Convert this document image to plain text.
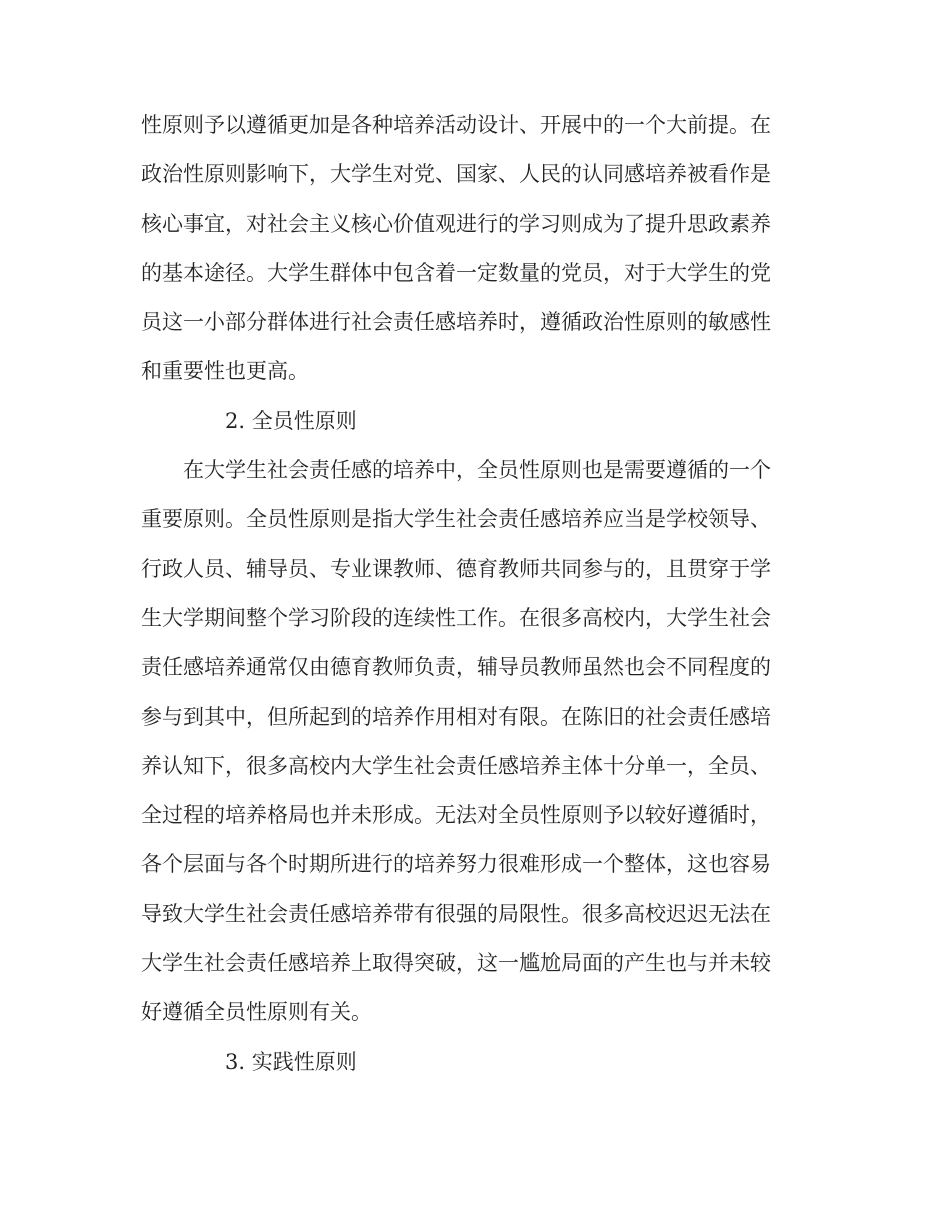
性原则予以遵循更加是各种培养活动设计、开展中的一个大前提。在
政治性原则影响下，大学生对党、国家、人民的认同感培养被看作是
核心事宜，对社会主义核心价值观进行的学习则成为了提升思政素养
的基本途径。大学生群体中包含着一定数量的党员，对于大学生的党
员这一小部分群体进行社会责任感培养时，遵循政治性原则的敏感性
和重要性也更高。
2. 全员性原则
在大学生社会责任感的培养中，全员性原则也是需要遵循的一个
重要原则。全员性原则是指大学生社会责任感培养应当是学校领导、
行政人员、辅导员、专业课教师、德育教师共同参与的，且贯穿于学
生大学期间整个学习阶段的连续性工作。在很多高校内，大学生社会
责任感培养通常仅由德育教师负责，辅导员教师虽然也会不同程度的
参与到其中，但所起到的培养作用相对有限。在陈旧的社会责任感培
养认知下，很多高校内大学生社会责任感培养主体十分单一，全员、
全过程的培养格局也并未形成。无法对全员性原则予以较好遵循时，
各个层面与各个时期所进行的培养努力很难形成一个整体，这也容易
导致大学生社会责任感培养带有很强的局限性。很多高校迟迟无法在
大学生社会责任感培养上取得突破，这一尴尬局面的产生也与并未较
好遵循全员性原则有关。
3. 实践性原则
